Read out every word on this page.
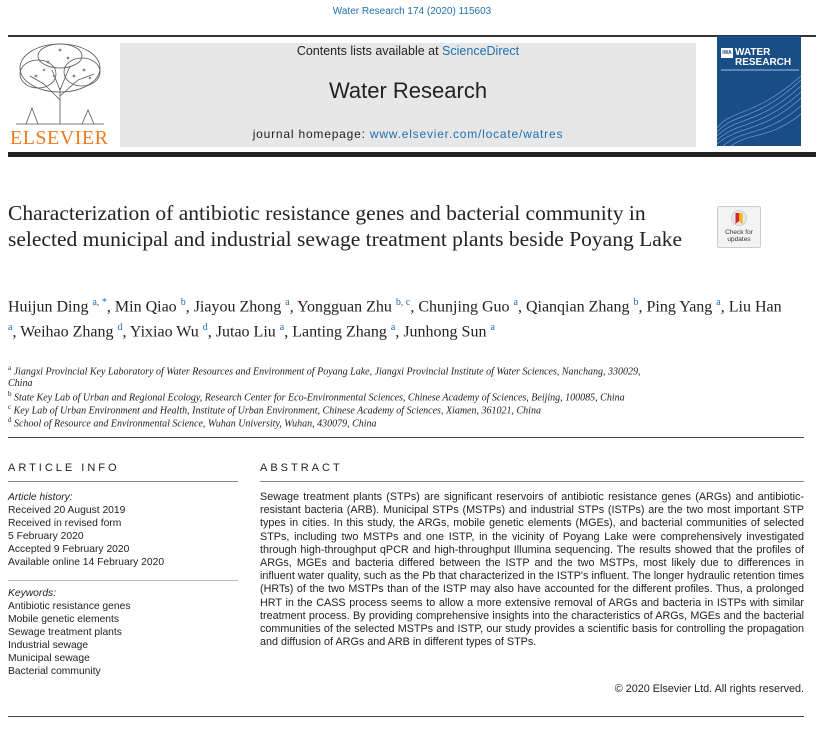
Water Research 174 (2020) 115603
ELSEVIER
Contents lists available at ScienceDirect
Water Research
journal homepage: www.elsevier.com/locate/watres
IWA WATER
RESEARCH
Characterization of antibiotic resistance genes and bacterial community in selected municipal and industrial sewage treatment plants beside Poyang Lake	Check for
updates
Huijun Ding $^{a, *}$, Min Qiao $^b$, Jiayou Zhong $^a$, Yongguan Zhu $^{b, c}$, Chunjing Guo $^a$, Qianqian Zhang $^b$, Ping Yang $^a$, Liu Han $^a$, Weihao Zhang $^d$, Yixiao Wu $^d$, Jutao Liu $^a$, Lanting Zhang $^a$, Junhong Sun $^a$
$^a$ Jiangxi Provincial Key Laboratory of Water Resources and Environment of Poyang Lake, Jiangxi Provincial Institute of Water Sciences, Nanchang, 330029,
China
$^b$ State Key Lab of Urban and Regional Ecology, Research Center for Eco-Environmental Sciences, Chinese Academy of Sciences, Beijing, 100085, China
$^c$ Key Lab of Urban Environment and Health, Institute of Urban Environment, Chinese Academy of Sciences, Xiamen, 361021, China
$^d$ School of Resource and Environmental Science, Wuhan University, Wuhan, 430079, China
ARTICLE INFO
Article history:
Received 20 August 2019
Received in revised form
5 February 2020
Accepted 9 February 2020
Available online 14 February 2020
Keywords:
Antibiotic resistance genes
Mobile genetic elements
Sewage treatment plants
Industrial sewage
Municipal sewage
Bacterial community
ABSTRACT
Sewage treatment plants (STPs) are significant reservoirs of antibiotic resistance genes (ARGs) and antibiotic-resistant bacteria (ARB). Municipal STPs (MSTPs) and industrial STPs (ISTPs) are the two most important STP types in cities. In this study, the ARGs, mobile genetic elements (MGEs), and bacterial communities of selected STPs, including two MSTPs and one ISTP, in the vicinity of Poyang Lake were comprehensively investigated through high-throughput qPCR and high-throughput Illumina sequencing. The results showed that the profiles of ARGs, MGEs and bacteria differed between the ISTP and the two MSTPs, most likely due to differences in influent water quality, such as the Pb that characterized in the ISTP's influent. The longer hydraulic retention times (HRTs) of the two MSTPs than of the ISTP may also have accounted for the different profiles. Thus, a prolonged HRT in the CASS process seems to allow a more extensive removal of ARGs and bacteria in ISTPs with similar treatment process. By providing comprehensive insights into the characteristics of ARGs, MGEs and the bacterial communities of the selected MSTPs and ISTP, our study provides a scientific basis for controlling the propagation and diffusion of ARGs and ARB in different types of STPs.
© 2020 Elsevier Ltd. All rights reserved.
